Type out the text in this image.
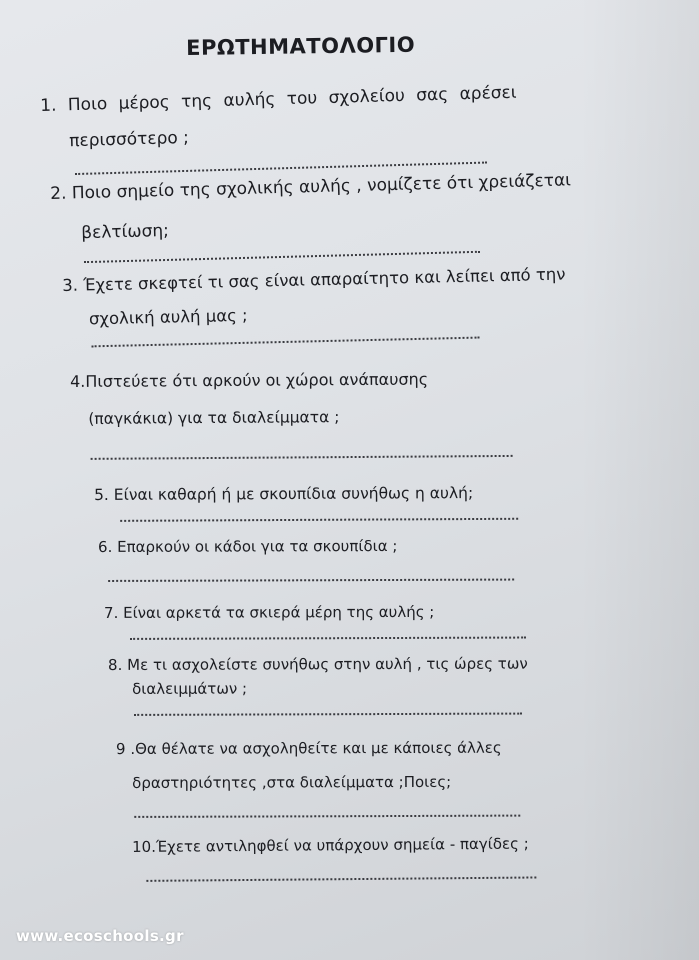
ΕΡΩΤΗΜΑΤΟΛΟΓΙΟ
1. Ποιο μέρος της αυλής του σχολείου σας αρέσει
περισσότερο ;
2. Ποιο σημείο της σχολικής αυλής , νομίζετε ότι χρειάζεται
βελτίωση;
3. Έχετε σκεφτεί τι σας είναι απαραίτητο και λείπει από την
σχολική αυλή μας ;
4.Πιστεύετε ότι αρκούν οι χώροι ανάπαυσης
(παγκάκια) για τα διαλείμματα ;
5. Είναι καθαρή ή με σκουπίδια συνήθως η αυλή;
6. Επαρκούν οι κάδοι για τα σκουπίδια ;
7. Είναι αρκετά τα σκιερά μέρη της αυλής ;
8. Με τι ασχολείστε συνήθως στην αυλή , τις ώρες των
διαλειμμάτων ;
9 .Θα θέλατε να ασχοληθείτε και με κάποιες άλλες
δραστηριότητες ,στα διαλείμματα ;Ποιες;
10.Έχετε αντιληφθεί να υπάρχουν σημεία - παγίδες ;
www.ecoschools.gr
